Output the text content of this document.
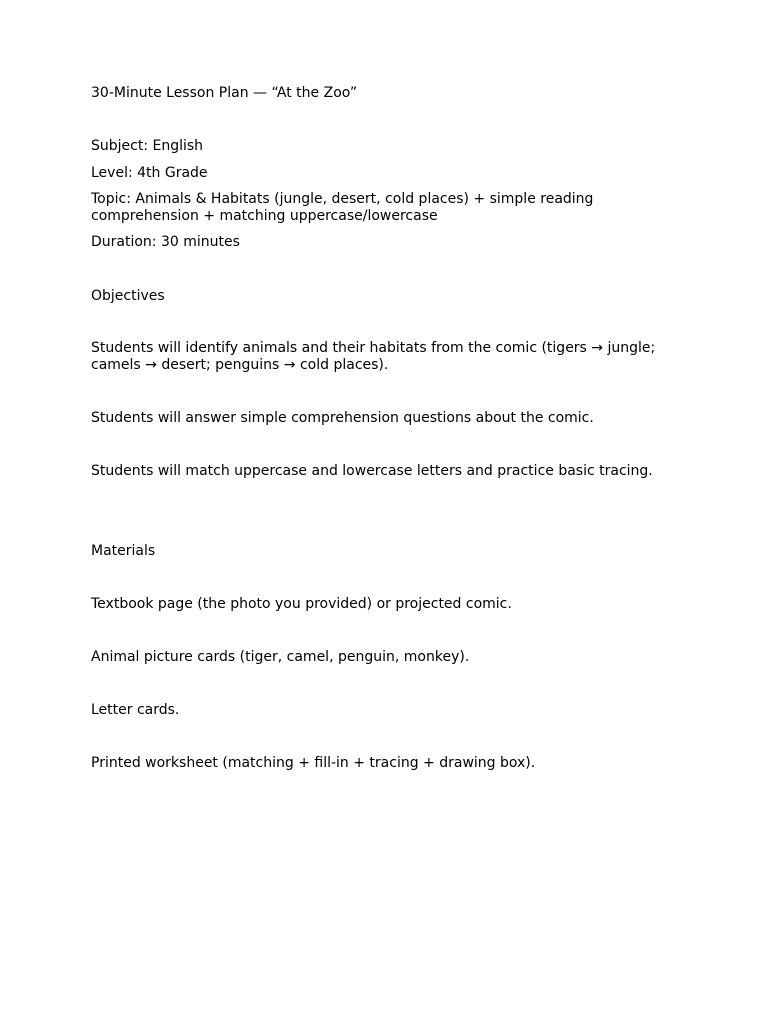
30-Minute Lesson Plan — “At the Zoo”

Subject: English

Level: 4th Grade

Topic: Animals & Habitats (jungle, desert, cold places) + simple reading comprehension + matching uppercase/lowercase

Duration: 30 minutes

Objectives

Students will identify animals and their habitats from the comic (tigers → jungle; camels → desert; penguins → cold places).

Students will answer simple comprehension questions about the comic.

Students will match uppercase and lowercase letters and practice basic tracing.

Materials

Textbook page (the photo you provided) or projected comic.

Animal picture cards (tiger, camel, penguin, monkey).

Letter cards.

Printed worksheet (matching + fill-in + tracing + drawing box).
